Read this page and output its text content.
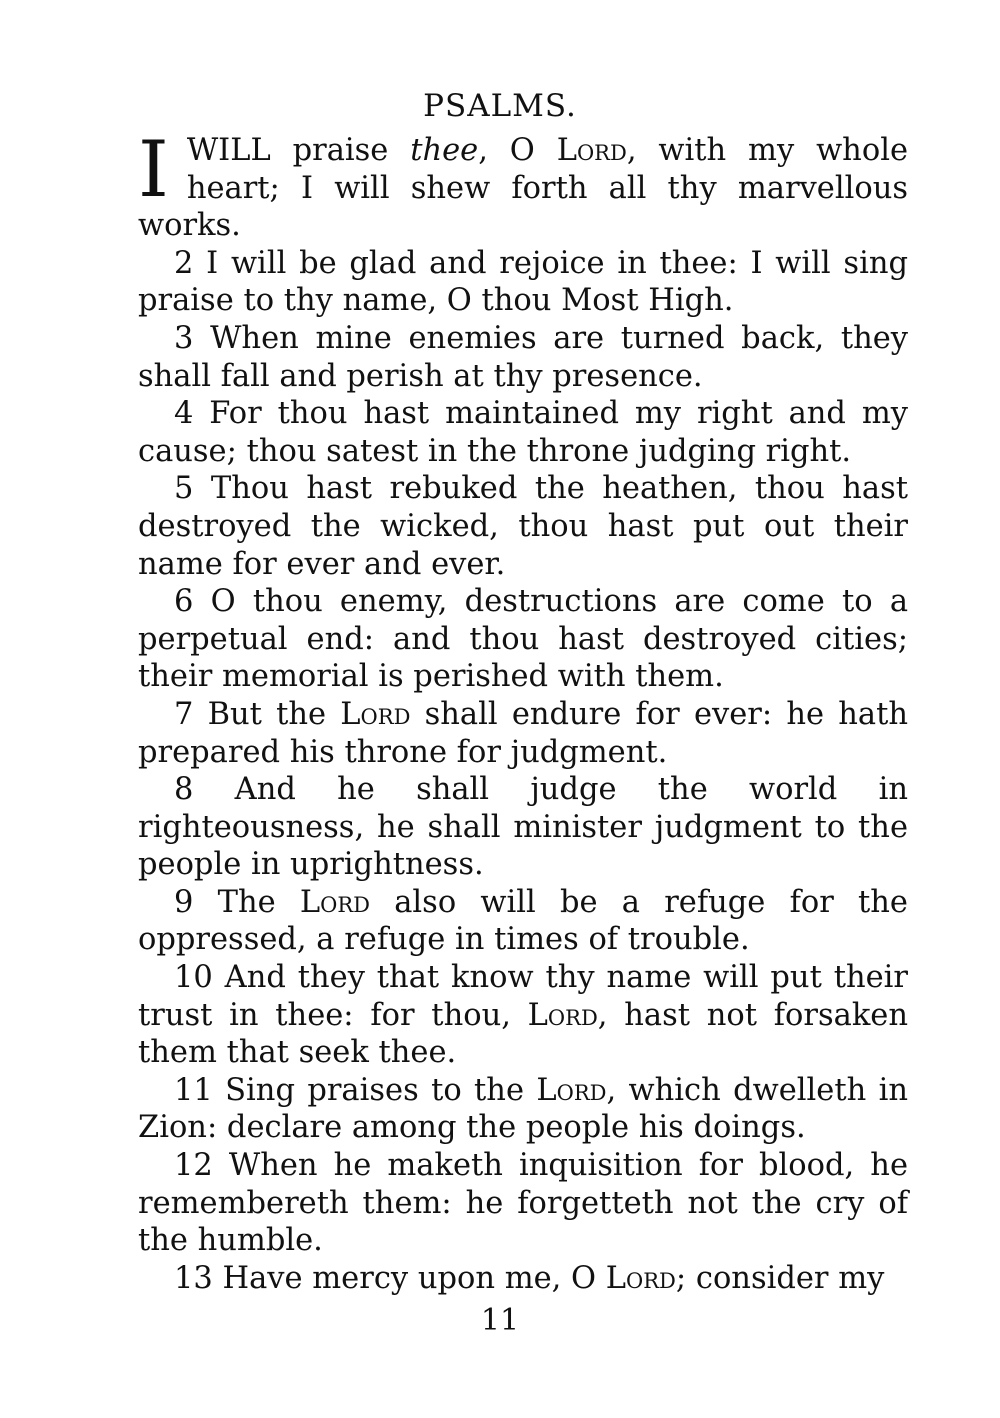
PSALMS.

IWILL praise thee, O Lord, with my whole heart; I will shew forth all thy marvellous works.

2 I will be glad and rejoice in thee: I will sing praise to thy name, O thou Most High.

3 When mine enemies are turned back, they shall fall and perish at thy presence.

4 For thou hast maintained my right and my cause; thou satest in the throne judging right.

5 Thou hast rebuked the heathen, thou hast destroyed the wicked, thou hast put out their name for ever and ever.

6 O thou enemy, destructions are come to a perpetual end: and thou hast destroyed cities; their memorial is perished with them.

7 But the Lord shall endure for ever: he hath prepared his throne for judgment.

8 And he shall judge the world in righteousness, he shall minister judgment to the people in uprightness.

9 The Lord also will be a refuge for the oppressed, a refuge in times of trouble.

10 And they that know thy name will put their trust in thee: for thou, Lord, hast not forsaken them that seek thee.

11 Sing praises to the Lord, which dwelleth in Zion: declare among the people his doings.

12 When he maketh inquisition for blood, he remembereth them: he forgetteth not the cry of the humble.

13 Have mercy upon me, O Lord; consider my

11
